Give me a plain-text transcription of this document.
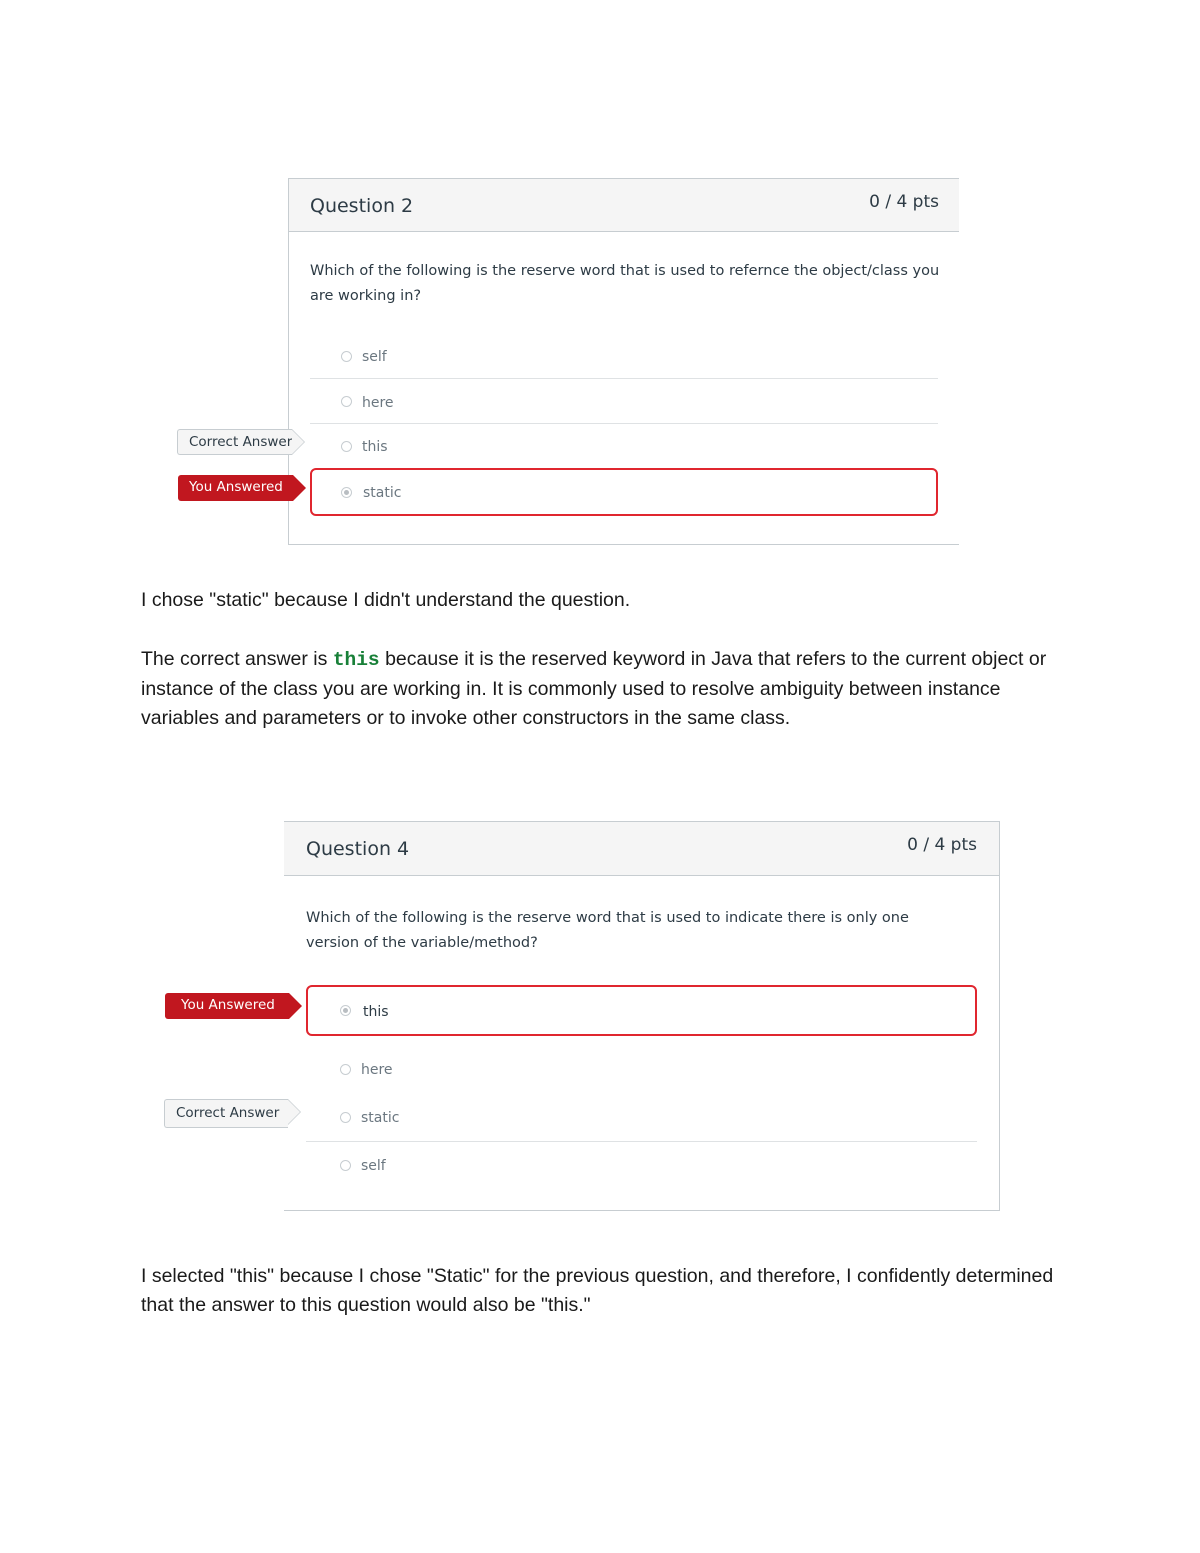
Question 2	0 / 4 pts
Which of the following is the reserve word that is used to refernce the object/class you are working in?
self
here
this
static
Correct Answer
You Answered
I chose "static" because I didn't understand the question.
The correct answer is this because it is the reserved keyword in Java that refers to the current object or instance of the class you are working in. It is commonly used to resolve ambiguity between instance variables and parameters or to invoke other constructors in the same class.
Question 4	0 / 4 pts
Which of the following is the reserve word that is used to indicate there is only one version of the variable/method?
this
here
static
self
You Answered
Correct Answer
I selected "this" because I chose "Static" for the previous question, and therefore, I confidently determined that the answer to this question would also be "this."
